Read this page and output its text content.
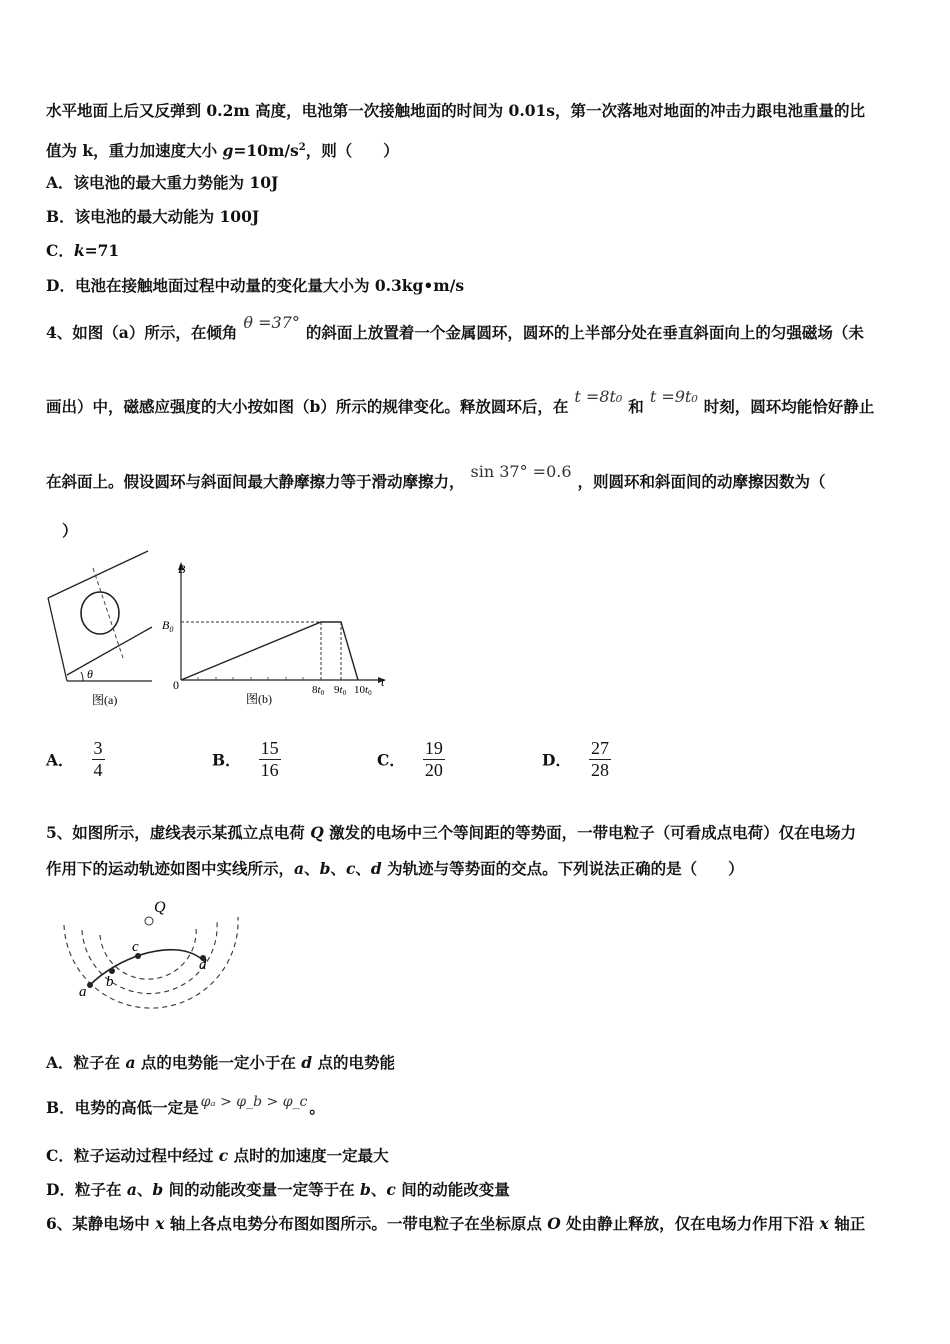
水平地面上后又反弹到 0.2m 高度，电池第一次接触地面的时间为 0.01s，第一次落地对地面的冲击力跟电池重量的比
值为 k，重力加速度大小 $g=10m/s^2$，则（　　）
A．该电池的最大重力势能为 10J
B．该电池的最大动能为 100J
C．k=71
D．电池在接触地面过程中动量的变化量大小为 0.3kg•m/s
4、如图（a）所示，在倾角θ =37°的斜面上放置着一个金属圆环，圆环的上半部分处在垂直斜面向上的匀强磁场（未
画出）中，磁感应强度的大小按如图（b）所示的规律变化。释放圆环后，在t =8t₀和t =9t₀时刻，圆环均能恰好静止
在斜面上。假设圆环与斜面间最大静摩擦力等于滑动摩擦力，sin 37° =0.6，则圆环和斜面间的动摩擦因数为（
）
θ
图(a)
B
t
0
$B_0$
8t0 9t0 10t0
图(b)
A． $\frac{3}{4}$	B． $\frac{15}{16}$	C． $\frac{19}{20}$	D． $\frac{27}{28}$
5、如图所示，虚线表示某孤立点电荷 Q 激发的电场中三个等间距的等势面，一带电粒子（可看成点电荷）仅在电场力
作用下的运动轨迹如图中实线所示，a、b、c、d 为轨迹与等势面的交点。下列说法正确的是（　　）
Q
a
b
c
d
A．粒子在 a 点的电势能一定小于在 d 点的电势能
B．电势的高低一定是 φₐ > φ_b > φ_c 。
C．粒子运动过程中经过 c 点时的加速度一定最大
D．粒子在 a、b 间的动能改变量一定等于在 b、c 间的动能改变量
6、某静电场中 x 轴上各点电势分布图如图所示。一带电粒子在坐标原点 O 处由静止释放，仅在电场力作用下沿 x 轴正
